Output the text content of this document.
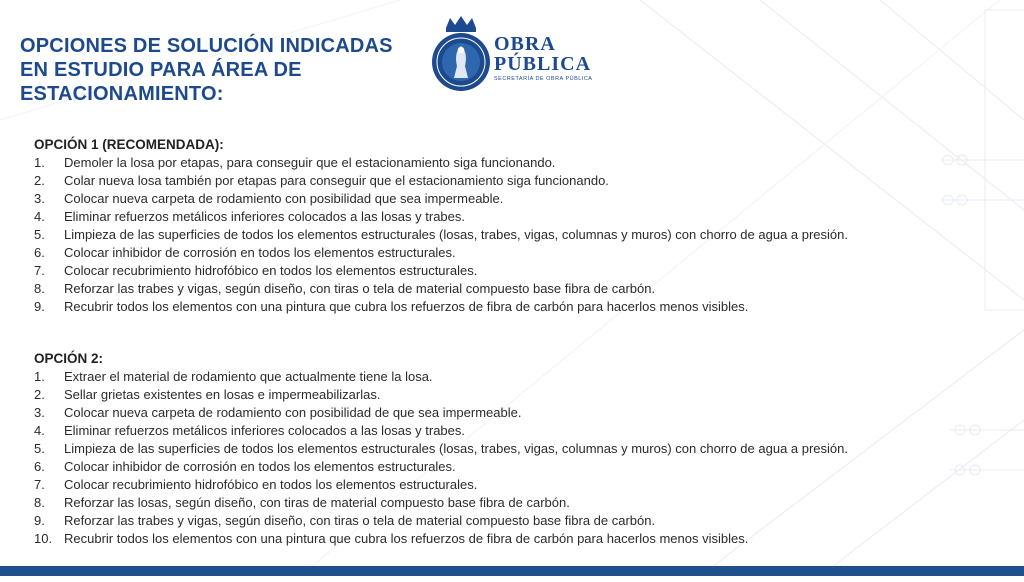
OPCIONES DE SOLUCIÓN INDICADAS
EN ESTUDIO PARA ÁREA DE
ESTACIONAMIENTO:
OBRA
PÚBLICA
SECRETARÍA DE OBRA PÚBLICA
OPCIÓN 1 (RECOMENDADA):
1.	Demoler la losa por etapas, para conseguir que el estacionamiento siga funcionando.
2.	Colar nueva losa también por etapas para conseguir que el estacionamiento siga funcionando.
3.	Colocar nueva carpeta de rodamiento con posibilidad que sea impermeable.
4.	Eliminar refuerzos metálicos inferiores colocados a las losas y trabes.
5.	Limpieza de las superficies de todos los elementos estructurales (losas, trabes, vigas, columnas y muros) con chorro de agua a presión.
6.	Colocar inhibidor de corrosión en todos los elementos estructurales.
7.	Colocar recubrimiento hidrofóbico en todos los elementos estructurales.
8.	Reforzar las trabes y vigas, según diseño, con tiras o tela de material compuesto base fibra de carbón.
9.	Recubrir todos los elementos con una pintura que cubra los refuerzos de fibra de carbón para hacerlos menos visibles.
OPCIÓN 2:
1.	Extraer el material de rodamiento que actualmente tiene la losa.
2.	Sellar grietas existentes en losas e impermeabilizarlas.
3.	Colocar nueva carpeta de rodamiento con posibilidad de que sea impermeable.
4.	Eliminar refuerzos metálicos inferiores colocados a las losas y trabes.
5.	Limpieza de las superficies de todos los elementos estructurales (losas, trabes, vigas, columnas y muros) con chorro de agua a presión.
6.	Colocar inhibidor de corrosión en todos los elementos estructurales.
7.	Colocar recubrimiento hidrofóbico en todos los elementos estructurales.
8.	Reforzar las losas, según diseño, con tiras de material compuesto base fibra de carbón.
9.	Reforzar las trabes y vigas, según diseño, con tiras o tela de material compuesto base fibra de carbón.
10. Recubrir todos los elementos con una pintura que cubra los refuerzos de fibra de carbón para hacerlos menos visibles.
